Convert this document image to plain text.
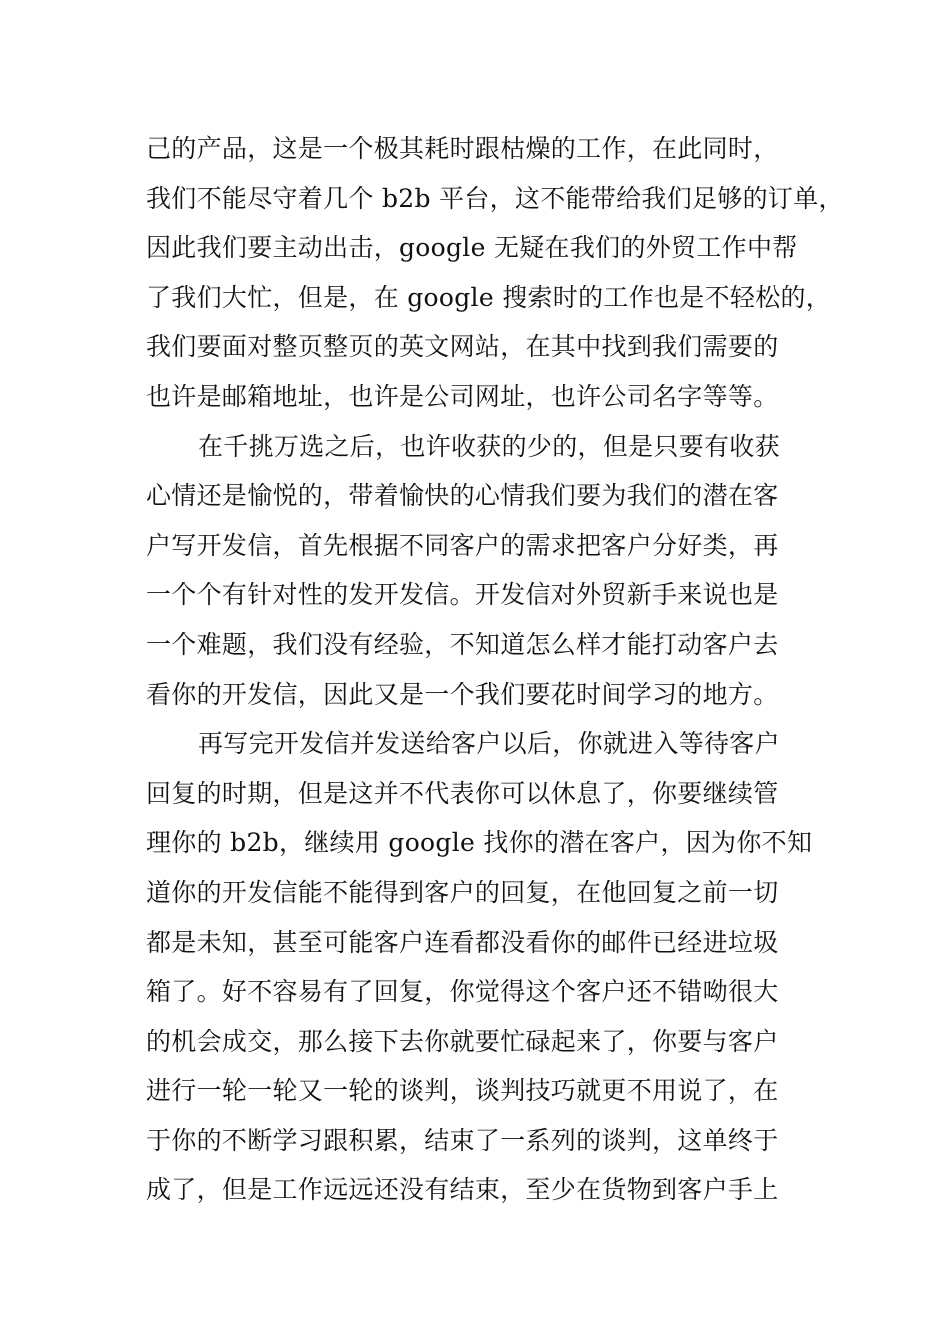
己的产品，这是一个极其耗时跟枯燥的工作，在此同时，
我们不能尽守着几个 b2b 平台，这不能带给我们足够的订单，
因此我们要主动出击，google 无疑在我们的外贸工作中帮
了我们大忙，但是，在 google 搜索时的工作也是不轻松的，
我们要面对整页整页的英文网站，在其中找到我们需要的
也许是邮箱地址，也许是公司网址，也许公司名字等等。
在千挑万选之后，也许收获的少的，但是只要有收获
心情还是愉悦的，带着愉快的心情我们要为我们的潜在客
户写开发信，首先根据不同客户的需求把客户分好类，再
一个个有针对性的发开发信。开发信对外贸新手来说也是
一个难题，我们没有经验，不知道怎么样才能打动客户去
看你的开发信，因此又是一个我们要花时间学习的地方。
再写完开发信并发送给客户以后，你就进入等待客户
回复的时期，但是这并不代表你可以休息了，你要继续管
理你的 b2b，继续用 google 找你的潜在客户，因为你不知
道你的开发信能不能得到客户的回复，在他回复之前一切
都是未知，甚至可能客户连看都没看你的邮件已经进垃圾
箱了。好不容易有了回复，你觉得这个客户还不错呦很大
的机会成交，那么接下去你就要忙碌起来了，你要与客户
进行一轮一轮又一轮的谈判，谈判技巧就更不用说了，在
于你的不断学习跟积累，结束了一系列的谈判，这单终于
成了，但是工作远远还没有结束，至少在货物到客户手上
